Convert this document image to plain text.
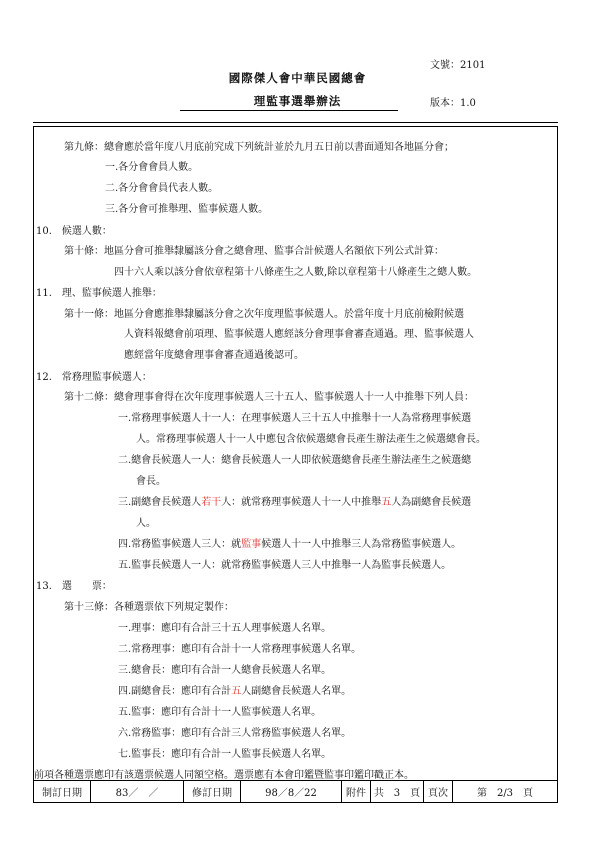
文號：2101
國際傑人會中華民國總會
理監事選舉辦法	版本：1.0
第九條：總會應於當年度八月底前究成下列統計並於九月五日前以書面通知各地區分會；
一.各分會會員人數。
二.各分會會員代表人數。
三.各分會可推舉理、監事候選人數。
10.　候選人數：
第十條：地區分會可推舉隸屬該分會之總會理、監事合計候選人名額依下列公式計算：
四十六人乘以該分會依章程第十八條產生之人數,除以章程第十八條產生之總人數。
11.　理、監事候選人推舉：
第十一條：地區分會應推舉隸屬該分會之次年度理監事候選人。於當年度十月底前檢附候選
人資料報總會前項理、監事候選人應經該分會理事會審查通過。理、監事候選人
應經當年度總會理事會審查通過後認可。
12.　常務理監事候選人：
第十二條：總會理事會得在次年度理事候選人三十五人、監事候選人十一人中推舉下列人員：
一.常務理事候選人十一人：在理事候選人三十五人中推舉十一人為常務理事候選
人。常務理事候選人十一人中應包含依候選總會長產生辦法產生之候選總會長。
二.總會長候選人一人：總會長候選人一人即依候選總會長產生辦法產生之候選總
會長。
三.副總會長候選人若干人：就常務理事候選人十一人中推舉五人為副總會長候選
人。
四.常務監事候選人三人：就監事候選人十一人中推舉三人為常務監事候選人。
五.監事長候選人一人：就常務監事候選人三人中推舉一人為監事長候選人。
13.　選　　票：
第十三條：各種選票依下列規定製作：
一.理事：應印有合計三十五人理事候選人名單。
二.常務理事：應印有合計十一人常務理事候選人名單。
三.總會長：應印有合計一人總會長候選人名單。
四.副總會長：應印有合計五人副總會長候選人名單。
五.監事：應印有合計十一人監事候選人名單。
六.常務監事：應印有合計三人常務監事候選人名單。
七.監事長：應印有合計一人監事長候選人名單。
前項各種選票應印有該選票候選人同額空格。選票應有本會印鑑暨監事印鑑印戳正本。
制訂日期	83／　／	修訂日期	98／8／22	附件	共　3　頁	頁次	第　2/3　頁
